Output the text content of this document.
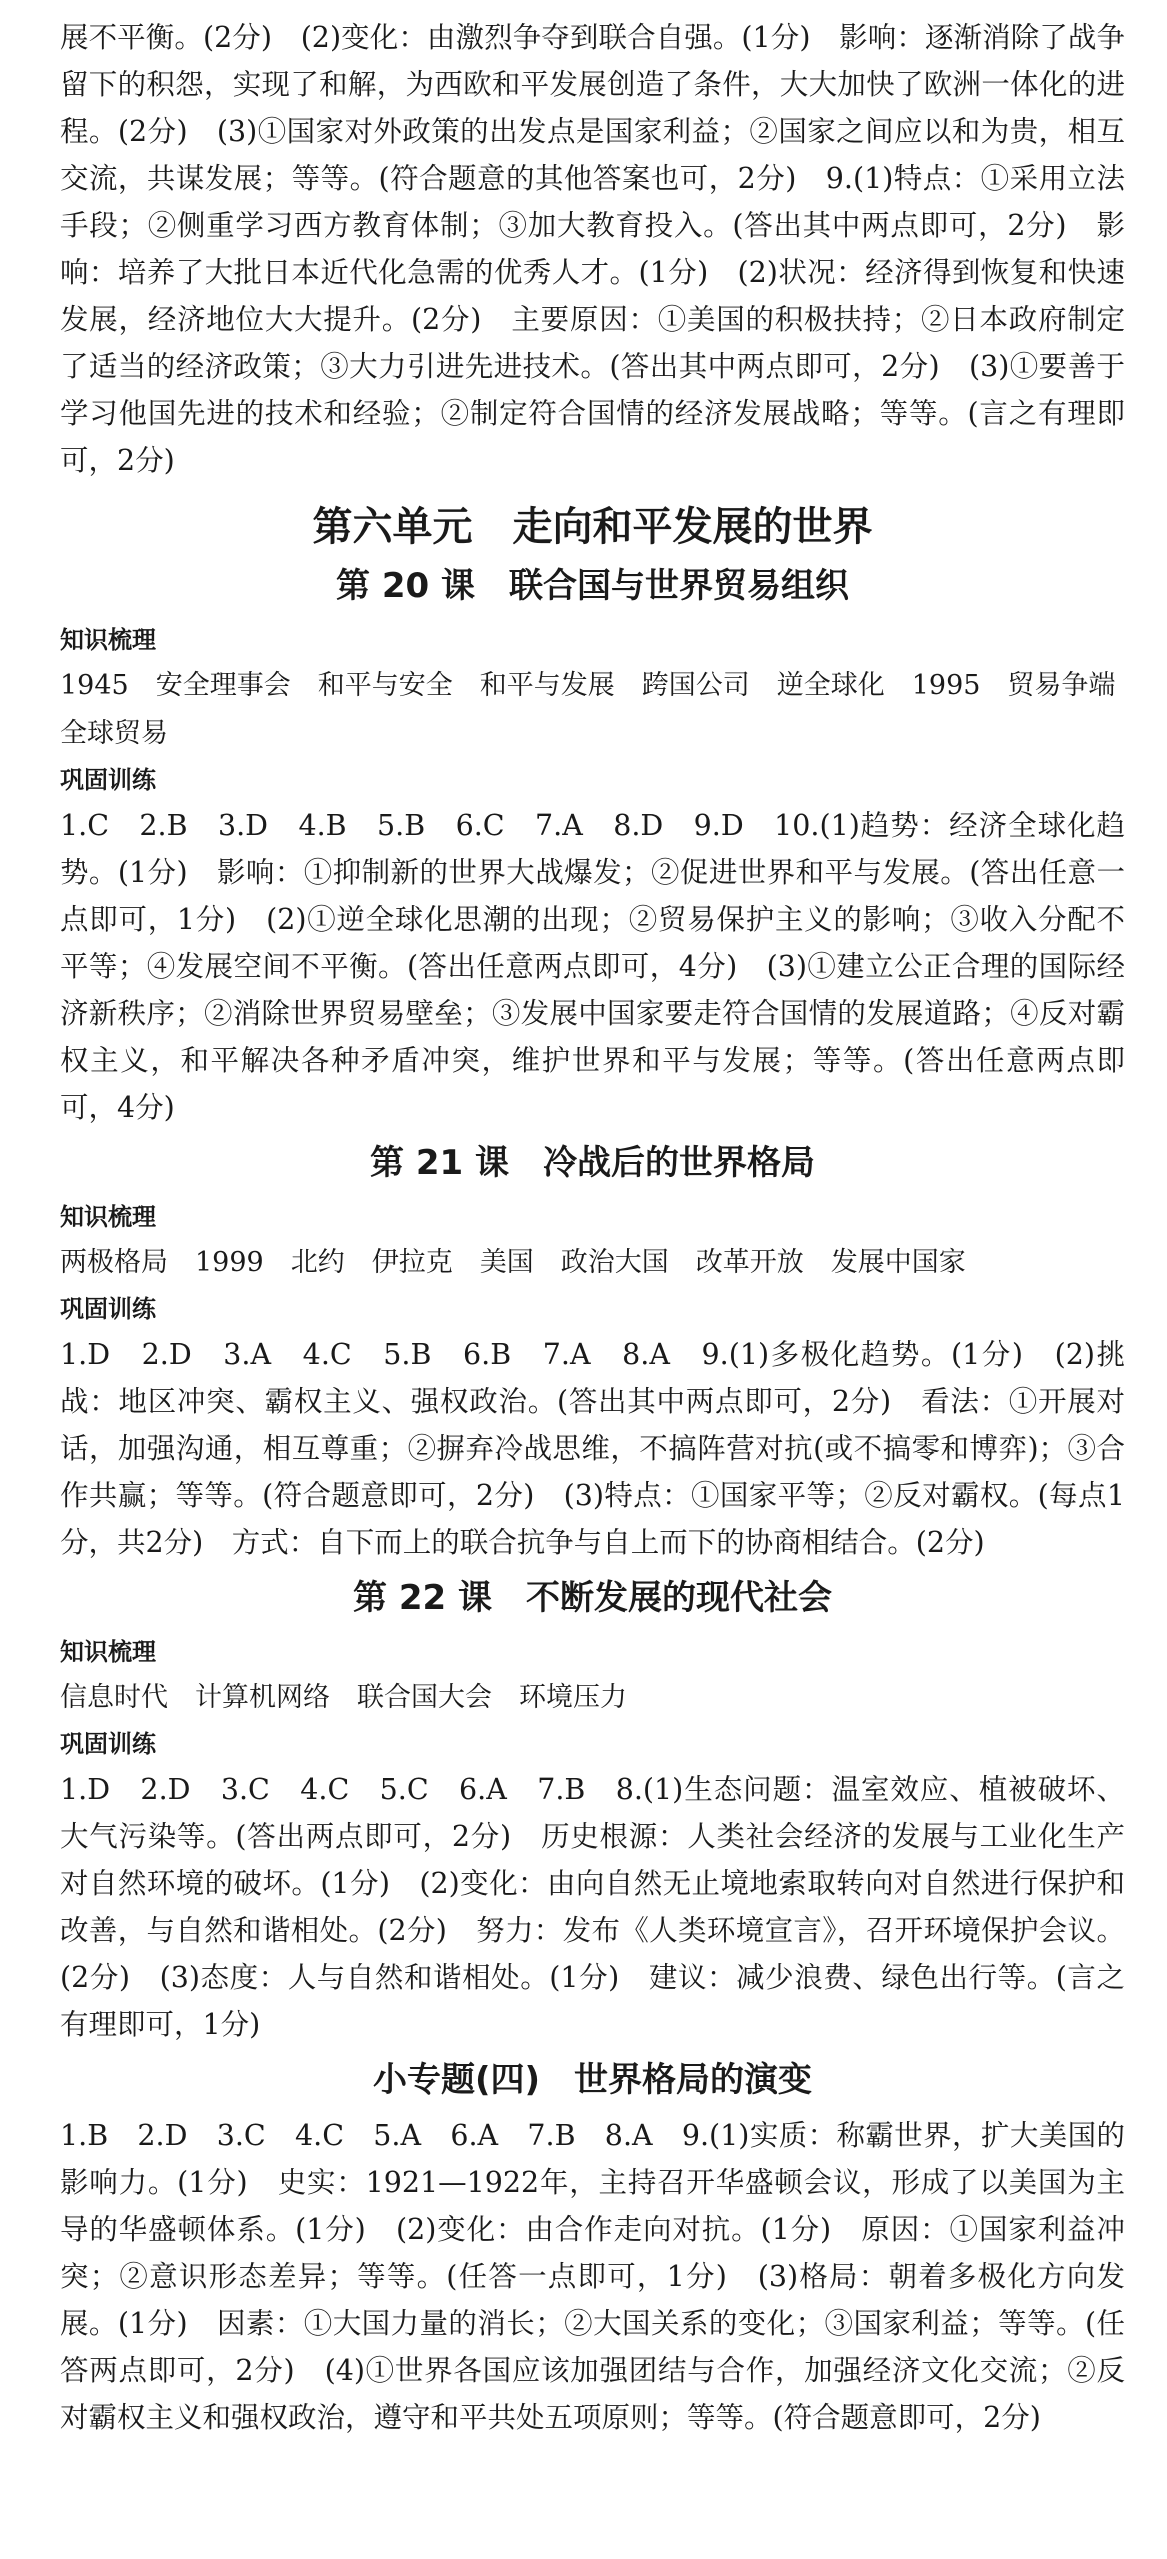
展不平衡。(2分)　(2)变化：由激烈争夺到联合自强。(1分)　影响：逐渐消除了战争留下的积怨，实现了和解，为西欧和平发展创造了条件，大大加快了欧洲一体化的进程。(2分)　(3)①国家对外政策的出发点是国家利益；②国家之间应以和为贵，相互交流，共谋发展；等等。(符合题意的其他答案也可，2分)　9.(1)特点：①采用立法手段；②侧重学习西方教育体制；③加大教育投入。(答出其中两点即可，2分)　影响：培养了大批日本近代化急需的优秀人才。(1分)　(2)状况：经济得到恢复和快速发展，经济地位大大提升。(2分)　主要原因：①美国的积极扶持；②日本政府制定了适当的经济政策；③大力引进先进技术。(答出其中两点即可，2分)　(3)①要善于学习他国先进的技术和经验；②制定符合国情的经济发展战略；等等。(言之有理即可，2分)

第六单元　走向和平发展的世界
第 20 课　联合国与世界贸易组织

知识梳理

1945　安全理事会　和平与安全　和平与发展　跨国公司　逆全球化　1995　贸易争端　全球贸易

巩固训练

1.C　2.B　3.D　4.B　5.B　6.C　7.A　8.D　9.D　10.(1)趋势：经济全球化趋势。(1分)　影响：①抑制新的世界大战爆发；②促进世界和平与发展。(答出任意一点即可，1分)　(2)①逆全球化思潮的出现；②贸易保护主义的影响；③收入分配不平等；④发展空间不平衡。(答出任意两点即可，4分)　(3)①建立公正合理的国际经济新秩序；②消除世界贸易壁垒；③发展中国家要走符合国情的发展道路；④反对霸权主义，和平解决各种矛盾冲突，维护世界和平与发展；等等。(答出任意两点即可，4分)

第 21 课　冷战后的世界格局

知识梳理

两极格局　1999　北约　伊拉克　美国　政治大国　改革开放　发展中国家

巩固训练

1.D　2.D　3.A　4.C　5.B　6.B　7.A　8.A　9.(1)多极化趋势。(1分)　(2)挑战：地区冲突、霸权主义、强权政治。(答出其中两点即可，2分)　看法：①开展对话，加强沟通，相互尊重；②摒弃冷战思维，不搞阵营对抗(或不搞零和博弈)；③合作共赢；等等。(符合题意即可，2分)　(3)特点：①国家平等；②反对霸权。(每点1分，共2分)　方式：自下而上的联合抗争与自上而下的协商相结合。(2分)

第 22 课　不断发展的现代社会

知识梳理

信息时代　计算机网络　联合国大会　环境压力

巩固训练

1.D　2.D　3.C　4.C　5.C　6.A　7.B　8.(1)生态问题：温室效应、植被破坏、大气污染等。(答出两点即可，2分)　历史根源：人类社会经济的发展与工业化生产对自然环境的破坏。(1分)　(2)变化：由向自然无止境地索取转向对自然进行保护和改善，与自然和谐相处。(2分)　努力：发布《人类环境宣言》，召开环境保护会议。(2分)　(3)态度：人与自然和谐相处。(1分)　建议：减少浪费、绿色出行等。(言之有理即可，1分)

小专题(四)　世界格局的演变

1.B　2.D　3.C　4.C　5.A　6.A　7.B　8.A　9.(1)实质：称霸世界，扩大美国的影响力。(1分)　史实：1921—1922年，主持召开华盛顿会议，形成了以美国为主导的华盛顿体系。(1分)　(2)变化：由合作走向对抗。(1分)　原因：①国家利益冲突；②意识形态差异；等等。(任答一点即可，1分)　(3)格局：朝着多极化方向发展。(1分)　因素：①大国力量的消长；②大国关系的变化；③国家利益；等等。(任答两点即可，2分)　(4)①世界各国应该加强团结与合作，加强经济文化交流；②反对霸权主义和强权政治，遵守和平共处五项原则；等等。(符合题意即可，2分)
